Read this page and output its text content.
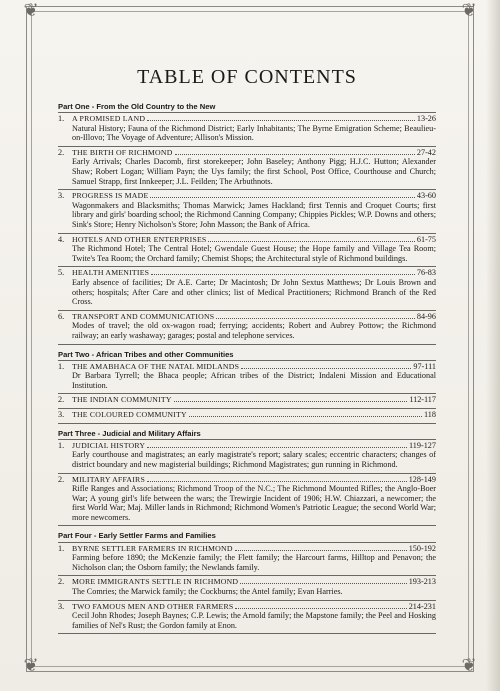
❦	❦
❦	❦
TABLE OF CONTENTS
Part One - From the Old Country to the New
1.	A PROMISED LAND	13-26
Natural History; Fauna of the Richmond District; Early Inhabitants; The Byrne Emigration Scheme; Beaulieu-on-Illovo; The Voyage of Adventure; Allison's Mission.
2.	THE BIRTH OF RICHMOND	27-42
Early Arrivals; Charles Dacomb, first storekeeper; John Baseley; Anthony Pigg; H.J.C. Hutton; Alexander Shaw; Robert Logan; William Payn; the Uys family; the first School, Post Office, Courthouse and Church; Samuel Strapp, first Innkeeper; J.L. Feilden; The Arbuthnots.
3.	PROGRESS IS MADE	43-60
Wagonmakers and Blacksmiths; Thomas Marwick; James Hackland; first Tennis and Croquet Courts; first library and girls' boarding school; the Richmond Canning Company; Chippies Pickles; W.P. Downs and others; Sink's Store; Henry Nicholson's Store; John Masson; the Bank of Africa.
4.	HOTELS AND OTHER ENTERPRISES	61-75
The Richmond Hotel; The Central Hotel; Gwendale Guest House; the Hope family and Village Tea Room; Twite's Tea Room; the Orchard family; Chemist Shops; the Architectural style of Richmond buildings.
5.	HEALTH AMENITIES	76-83
Early absence of facilities; Dr A.E. Carte; Dr Macintosh; Dr John Sextus Matthews; Dr Louis Brown and others; hospitals; After Care and other clinics; list of Medical Practitioners; Richmond Branch of the Red Cross.
6.	TRANSPORT AND COMMUNICATIONS	84-96
Modes of travel; the old ox-wagon road; ferrying; accidents; Robert and Aubrey Pottow; the Richmond railway; an early washaway; garages; postal and telephone services.
Part Two - African Tribes and other Communities
1.	THE AMABHACA OF THE NATAL MIDLANDS	97-111
Dr Barbara Tyrrell; the Bhaca people; African tribes of the District; Indaleni Mission and Educational Institution.
2.	THE INDIAN COMMUNITY	112-117
3.	THE COLOURED COMMUNITY	118
Part Three - Judicial and Military Affairs
1.	JUDICIAL HISTORY	119-127
Early courthouse and magistrates; an early magistrate's report; salary scales; eccentric characters; changes of district boundary and new magisterial buildings; Richmond Magistrates; gun running in Richmond.
2.	MILITARY AFFAIRS	128-149
Rifle Ranges and Associations; Richmond Troop of the N.C.; The Richmond Mounted Rifles; the Anglo-Boer War; A young girl's life between the wars; the Trewirgie Incident of 1906; H.W. Chiazzari, a newcomer; the first World War; Maj. Miller lands in Richmond; Richmond Women's Patriotic League; the second World War; more newcomers.
Part Four - Early Settler Farms and Families
1.	BYRNE SETTLER FARMERS IN RICHMOND	150-192
Farming before 1890; the McKenzie family; the Flett family; the Harcourt farms, Hilltop and Penavon; the Nicholson clan; the Osborn family; the Newlands family.
2.	MORE IMMIGRANTS SETTLE IN RICHMOND	193-213
The Comries; the Marwick family; the Cockburns; the Antel family; Evan Harries.
3.	TWO FAMOUS MEN AND OTHER FARMERS	214-231
Cecil John Rhodes; Joseph Baynes; C.P. Lewis; the Arnold family; the Mapstone family; the Peel and Hosking families of Nel's Rust; the Gordon family at Enon.
